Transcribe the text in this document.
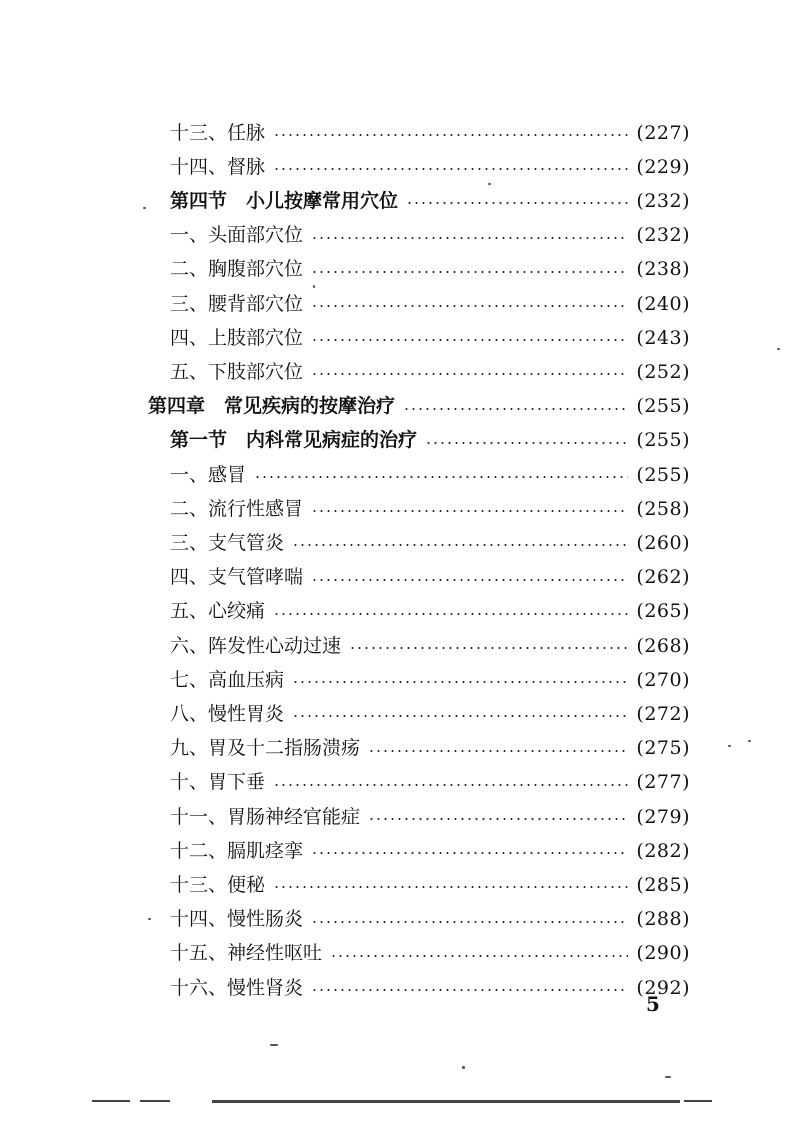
十三、任脉	(227)
十四、督脉	(229)
第四节　小儿按摩常用穴位	(232)
一、头面部穴位	(232)
二、胸腹部穴位	(238)
三、腰背部穴位	(240)
四、上肢部穴位	(243)
五、下肢部穴位	(252)
第四章　常见疾病的按摩治疗	(255)
第一节　内科常见病症的治疗	(255)
一、感冒	(255)
二、流行性感冒	(258)
三、支气管炎	(260)
四、支气管哮喘	(262)
五、心绞痛	(265)
六、阵发性心动过速	(268)
七、高血压病	(270)
八、慢性胃炎	(272)
九、胃及十二指肠溃疡	(275)
十、胃下垂	(277)
十一、胃肠神经官能症	(279)
十二、膈肌痉挛	(282)
十三、便秘	(285)
十四、慢性肠炎	(288)
十五、神经性呕吐	(290)
十六、慢性肾炎	(292)
5
